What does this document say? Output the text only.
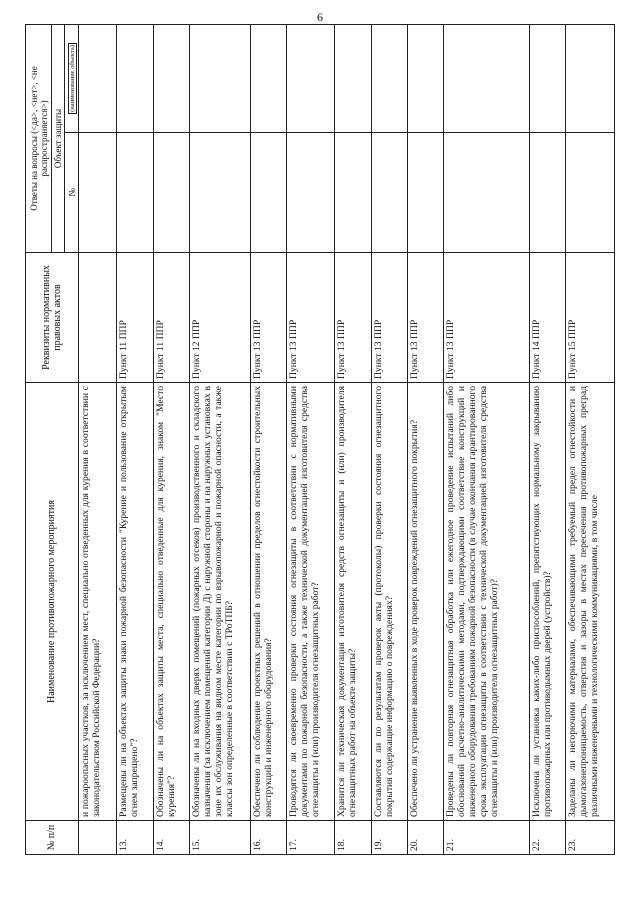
6
№ п/п	Наименование противопожарного мероприятия	Реквизиты нормативных правовых актов	Ответы на вопросы (<да>, <нет>, <не распространяется>)	
			Объект защиты	
			№	(наименование объекта)
	и пожароопасных участков, за исключением мест, специально отведенных для курения в соответствии с законодательством Российской Федерации?			
13.	Размещены ли на объектах защиты знаки пожарной безопасности "Курение и пользование открытым огнем запрещено"?	Пункт 11 ППР		
14.	Обозначены ли на объектах защиты места, специально отведенные для курения, знаком "Место курения"?	Пункт 11 ППР		
15.	Обозначены ли на входных дверях помещений (пожарных отсеков) производственного и складского назначения (за исключением помещений категории Д) с наружной стороны и на наружных установках в зоне их обслуживания на видном месте категории по взрывопожарной и пожарной опасности, а также классы зон определенные в соответствии с ТРоТПБ?	Пункт 12 ППР		
16.	Обеспечено ли соблюдение проектных решений в отношении пределов огнестойкости строительных конструкций и инженерного оборудования?	Пункт 13 ППР		
17.	Проводятся ли своевременно проверки состояния огнезащиты в соответствии с нормативными документами по пожарной безопасности, а также технической документацией изготовителя средства огнезащиты и (или) производителя огнезащитных работ?	Пункт 13 ППР		
18.	Хранится ли техническая документация изготовителя средств огнезащиты и (или) производителя огнезащитных работ на объекте защиты?	Пункт 13 ППР		
19.	Составляются ли по результатам проверок акты (протоколы) проверки состояния огнезащитного покрытия содержащие информацию о повреждениях?	Пункт 13 ППР		
20.	Обеспечено ли устранение выявленных в ходе проверок повреждений огнезащитного покрытия?	Пункт 13 ППР		
21.	Проведены ли повторная огнезащитная обработка или ежегодное проведение испытаний либо обоснований расчетно-аналитическими методами, подтверждающими соответствие конструкций и инженерного оборудования требованиям пожарной безопасности (в случае окончания гарантированного срока эксплуатации огнезащиты в соответствии с технической документацией изготовителя средства огнезащиты и (или) производителя огнезащитных работ)?	Пункт 13 ППР		
22.	Исключена ли установка каких-либо приспособлений, препятствующих нормальному закрыванию противопожарных или противодымных дверей (устройств)?	Пункт 14 ППР		
23.	Заделаны ли негорючими материалами, обеспечивающими требуемый предел огнестойкости и дымогазонепроницаемость, отверстия и зазоры в местах пересечения противопожарных преград различными инженерными и технологическими коммуникациями, в том числе	Пункт 15 ППР		
